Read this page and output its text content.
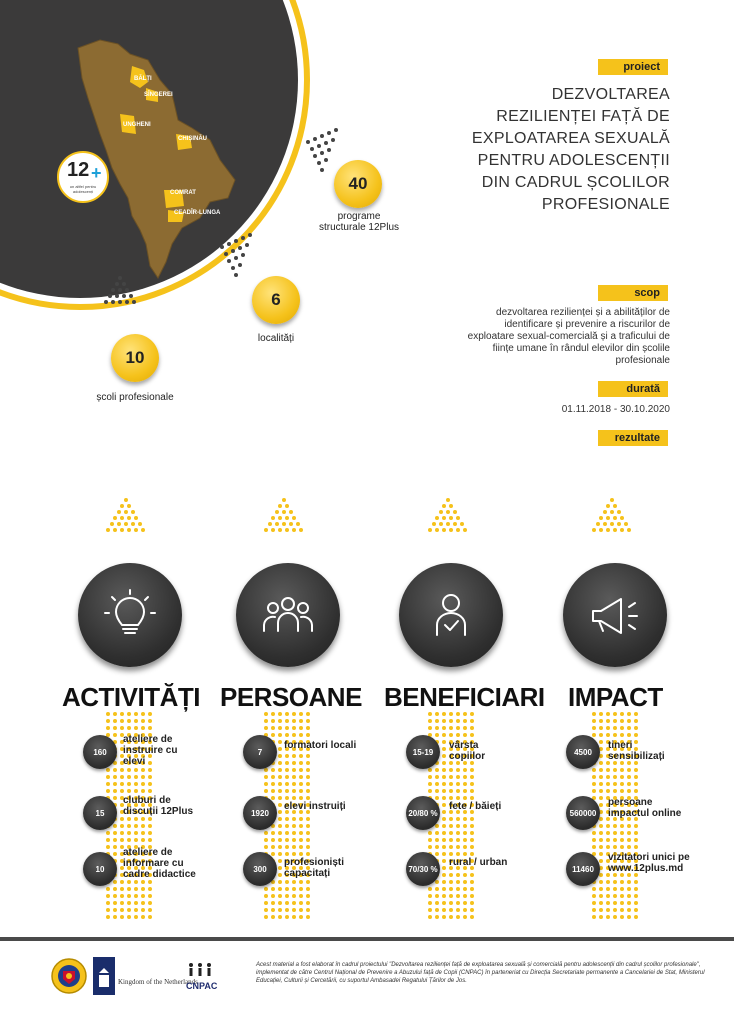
BĂLȚI
SÎNGEREI
UNGHENI
CHIȘINĂU
COMRAT
CEADÎR-LUNGA
12 +
un altfel pentru adolescenți	40
programe structurale 12Plus
6
localități
10
școli profesionale
proiect
DEZVOLTAREA REZILIENȚEI FAȚĂ DE EXPLOATAREA SEXUALĂ PENTRU ADOLESCENȚII DIN CADRUL ȘCOLILOR PROFESIONALE
scop
dezvoltarea rezilienței și a abilităților de identificare și prevenire a riscurilor de exploatare sexual-comercială și a traficului de ființe umane în rândul elevilor din școlile profesionale
durată
01.11.2018 - 30.10.2020
rezultate
ACTIVITĂȚI PERSOANE BENEFICIARI IMPACT
160
ateliere de instruire cu elevi
15
cluburi de discuții 12Plus
10
ateliere de informare cu cadre didactice
7
formatori locali
1920
elevi instruiți
300
profesioniști capacitați
15-19
vârsta copiilor
20/80 %
fete / băieți
70/30 %
rural / urban
4500
tineri sensibilizați
560000
persoane impactul online
11460
vizitatori unici pe www.12plus.md
Kingdom of the Netherlands
CNPAC
Acest material a fost elaborat în cadrul proiectului "Dezvoltarea rezilienței față de exploatarea sexuală și comercială pentru adolescenții din cadrul școlilor profesionale", implementat de către Centrul Național de Prevenire a Abuzului față de Copii (CNPAC) în parteneriat cu Direcția Secretariate permanente a Cancelariei de Stat, Ministerul Educației, Culturii și Cercetării, cu suportul Ambasadei Regatului Țărilor de Jos.
